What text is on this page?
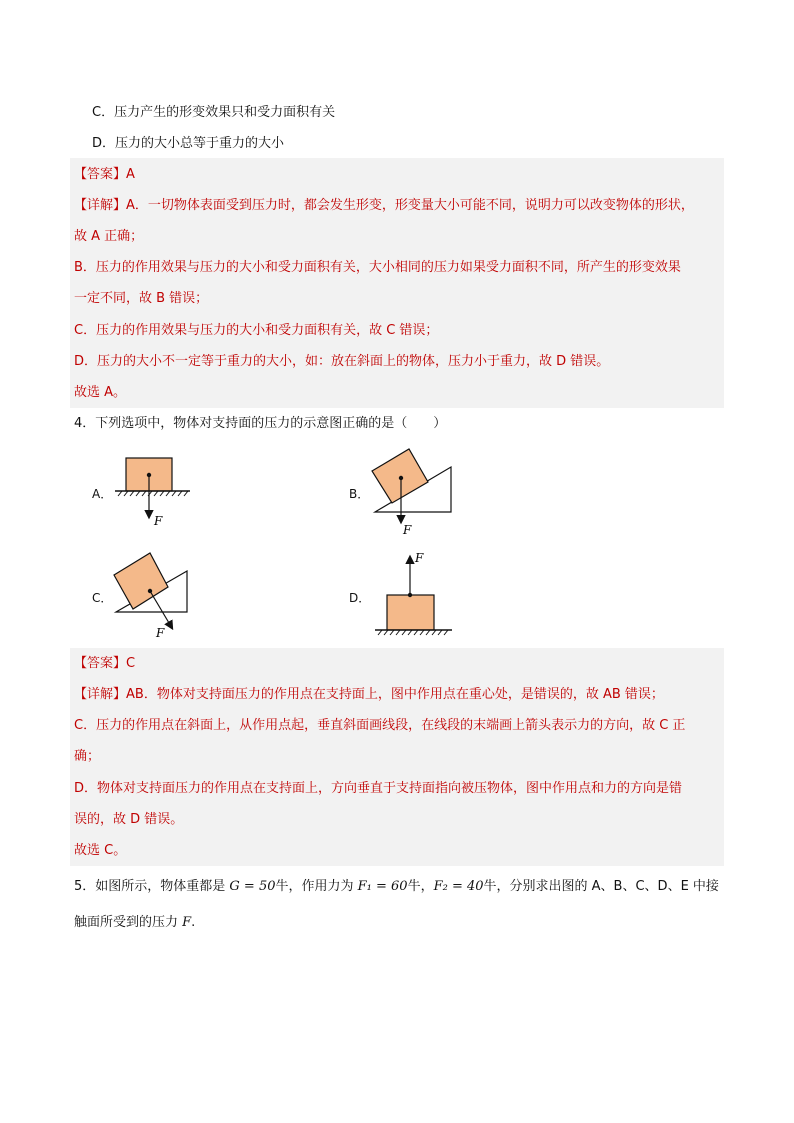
C．压力产生的形变效果只和受力面积有关
D．压力的大小总等于重力的大小
【答案】A
【详解】A．一切物体表面受到压力时，都会发生形变，形变量大小可能不同，说明力可以改变物体的形状，
故 A 正确；
B．压力的作用效果与压力的大小和受力面积有关，大小相同的压力如果受力面积不同，所产生的形变效果
一定不同，故 B 错误；
C．压力的作用效果与压力的大小和受力面积有关，故 C 错误；
D．压力的大小不一定等于重力的大小，如：放在斜面上的物体，压力小于重力，故 D 错误。
故选 A。
4．下列选项中，物体对支持面的压力的示意图正确的是（　　）
A．	B．
C．	D．
F
F
F
F
【答案】C
【详解】AB．物体对支持面压力的作用点在支持面上，图中作用点在重心处，是错误的，故 AB 错误；
C．压力的作用点在斜面上，从作用点起，垂直斜面画线段，在线段的末端画上箭头表示力的方向，故 C 正
确；
D．物体对支持面压力的作用点在支持面上，方向垂直于支持面指向被压物体，图中作用点和力的方向是错
误的，故 D 错误。
故选 C。
5．如图所示，物体重都是 G = 50牛，作用力为 F₁ = 60牛，F₂ = 40牛，分别求出图的 A、B、C、D、E 中接
触面所受到的压力 F.
